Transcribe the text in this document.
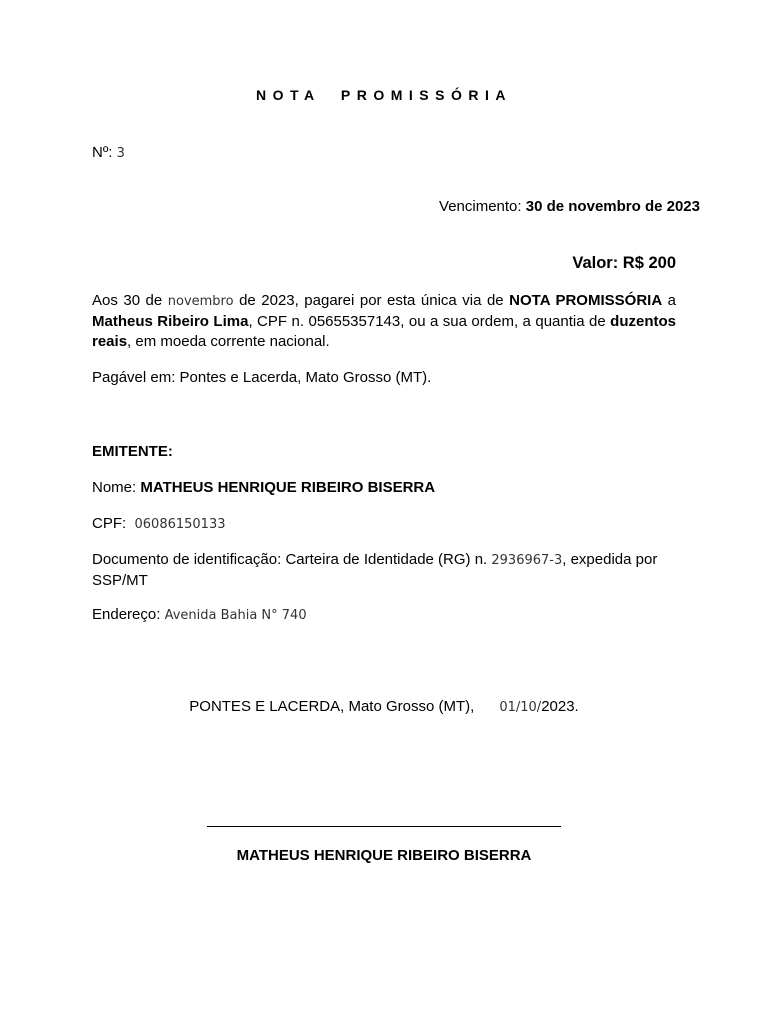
NOTA  PROMISSÓRIA
Nº: 3
Vencimento: 30 de novembro de 2023
Valor: R$ 200
Aos 30 de novembro de 2023, pagarei por esta única via de NOTA PROMISSÓRIA a Matheus Ribeiro Lima, CPF n. 05655357143, ou a sua ordem, a quantia de duzentos reais, em moeda corrente nacional.
Pagável em: Pontes e Lacerda, Mato Grosso (MT).
EMITENTE:
Nome: MATHEUS HENRIQUE RIBEIRO BISERRA
CPF: 06086150133
Documento de identificação: Carteira de Identidade (RG) n. 2936967-3, expedida por SSP/MT
Endereço: Avenida Bahia N° 740
PONTES E LACERDA, Mato Grosso (MT), 01/10/2023.
MATHEUS HENRIQUE RIBEIRO BISERRA
